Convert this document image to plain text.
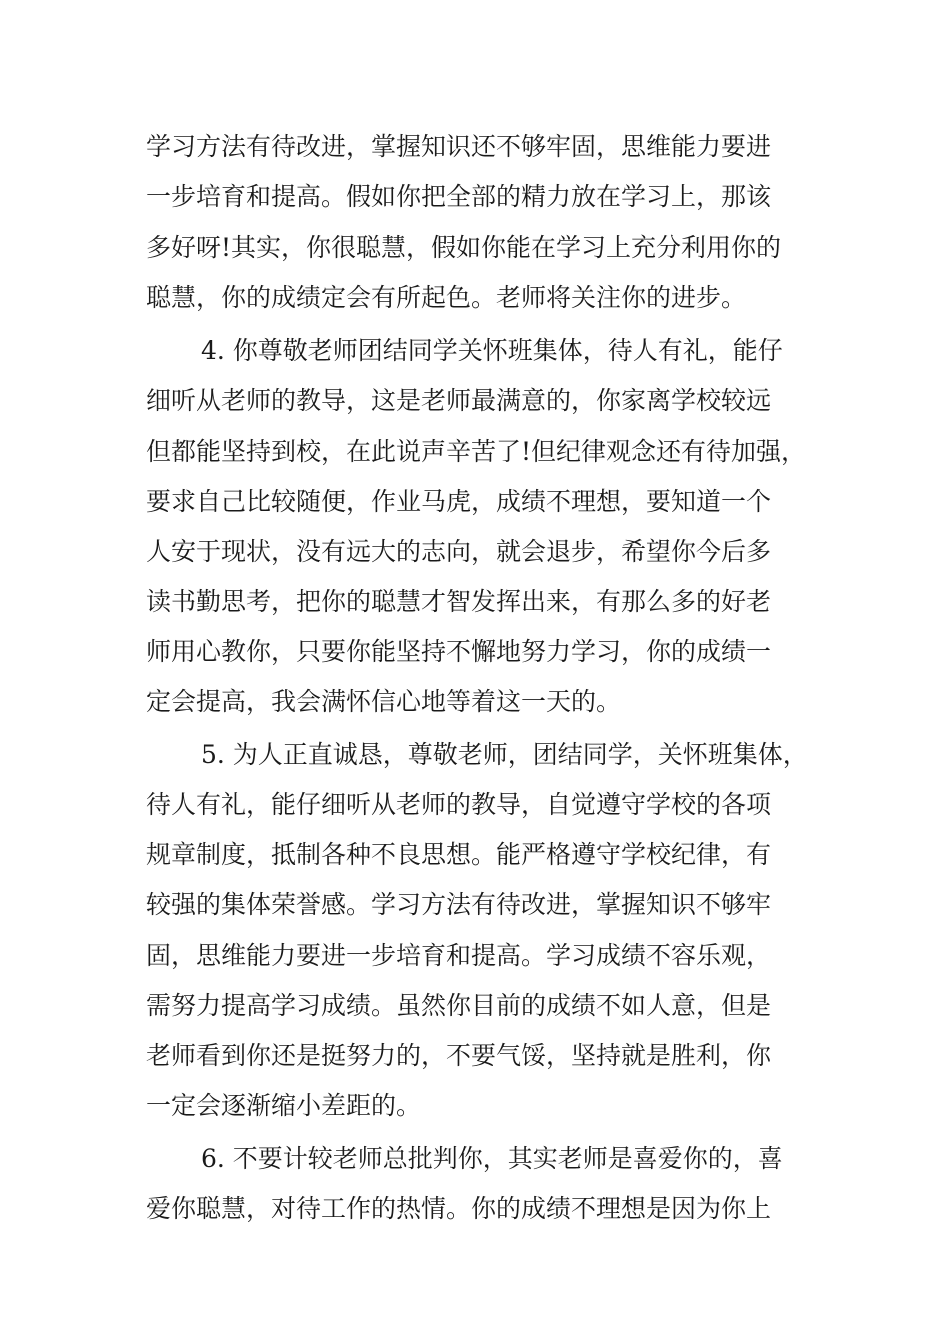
学习方法有待改进，掌握知识还不够牢固，思维能力要进
一步培育和提高。假如你把全部的精力放在学习上，那该
多好呀!其实，你很聪慧，假如你能在学习上充分利用你的
聪慧，你的成绩定会有所起色。老师将关注你的进步。
4. 你尊敬老师团结同学关怀班集体，待人有礼，能仔
细听从老师的教导，这是老师最满意的，你家离学校较远
但都能坚持到校，在此说声辛苦了!但纪律观念还有待加强，
要求自己比较随便，作业马虎，成绩不理想，要知道一个
人安于现状，没有远大的志向，就会退步，希望你今后多
读书勤思考，把你的聪慧才智发挥出来，有那么多的好老
师用心教你，只要你能坚持不懈地努力学习，你的成绩一
定会提高，我会满怀信心地等着这一天的。
5. 为人正直诚恳，尊敬老师，团结同学，关怀班集体，
待人有礼，能仔细听从老师的教导，自觉遵守学校的各项
规章制度，抵制各种不良思想。能严格遵守学校纪律，有
较强的集体荣誉感。学习方法有待改进，掌握知识不够牢
固，思维能力要进一步培育和提高。学习成绩不容乐观，
需努力提高学习成绩。虽然你目前的成绩不如人意，但是
老师看到你还是挺努力的，不要气馁，坚持就是胜利，你
一定会逐渐缩小差距的。
6. 不要计较老师总批判你，其实老师是喜爱你的，喜
爱你聪慧，对待工作的热情。你的成绩不理想是因为你上
